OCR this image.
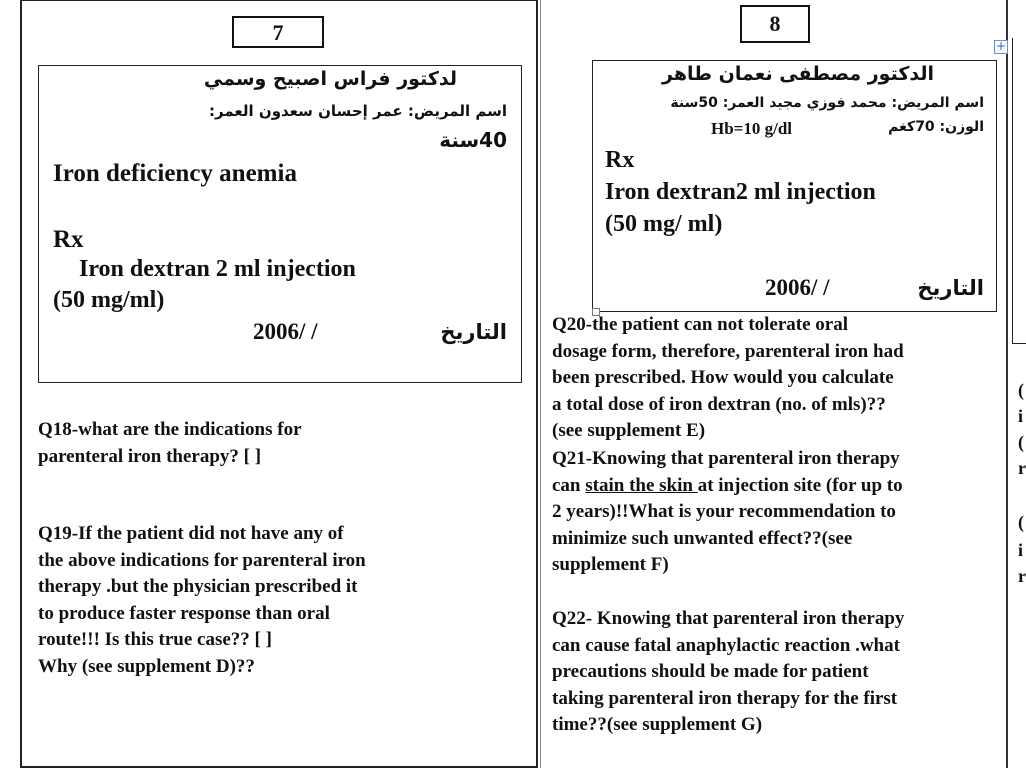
7
لدكتور فراس اصبيح وسمي
اسم المريض: عمر إحسان سعدون العمر:
40سنة
Iron deficiency anemia
Rx
Iron dextran 2 ml injection
(50 mg/ml)
2006/ /	التاريخ
Q18-what are the indications for
parenteral iron therapy? [ ]
Q19-If the patient did not have any of
the above indications for parenteral iron
therapy .but the physician prescribed it
to produce faster response than oral
route!!! Is this true case?? [ ]
Why (see supplement D)??
8
الدكتور مصطفى نعمان طاهر
اسم المريض: محمد فوزي مجيد العمر: 50سنة
الوزن: 70كغم
Hb=10 g/dl
Rx
Iron dextran2 ml injection
(50 mg/ ml)
2006/ /	التاريخ
Q20-the patient can not tolerate oral
dosage form, therefore, parenteral iron had
been prescribed. How would you calculate
a total dose of iron dextran (no. of mls)??
(see supplement E)
Q21-Knowing that parenteral iron therapy
can stain the skin at injection site (for up to
2 years)!!What is your recommendation to
minimize such unwanted effect??(see
supplement F)
Q22- Knowing that parenteral iron therapy
can cause fatal anaphylactic reaction .what
precautions should be made for patient
taking parenteral iron therapy for the first
time??(see supplement G)
+
(
i
(
r
(
i
r
